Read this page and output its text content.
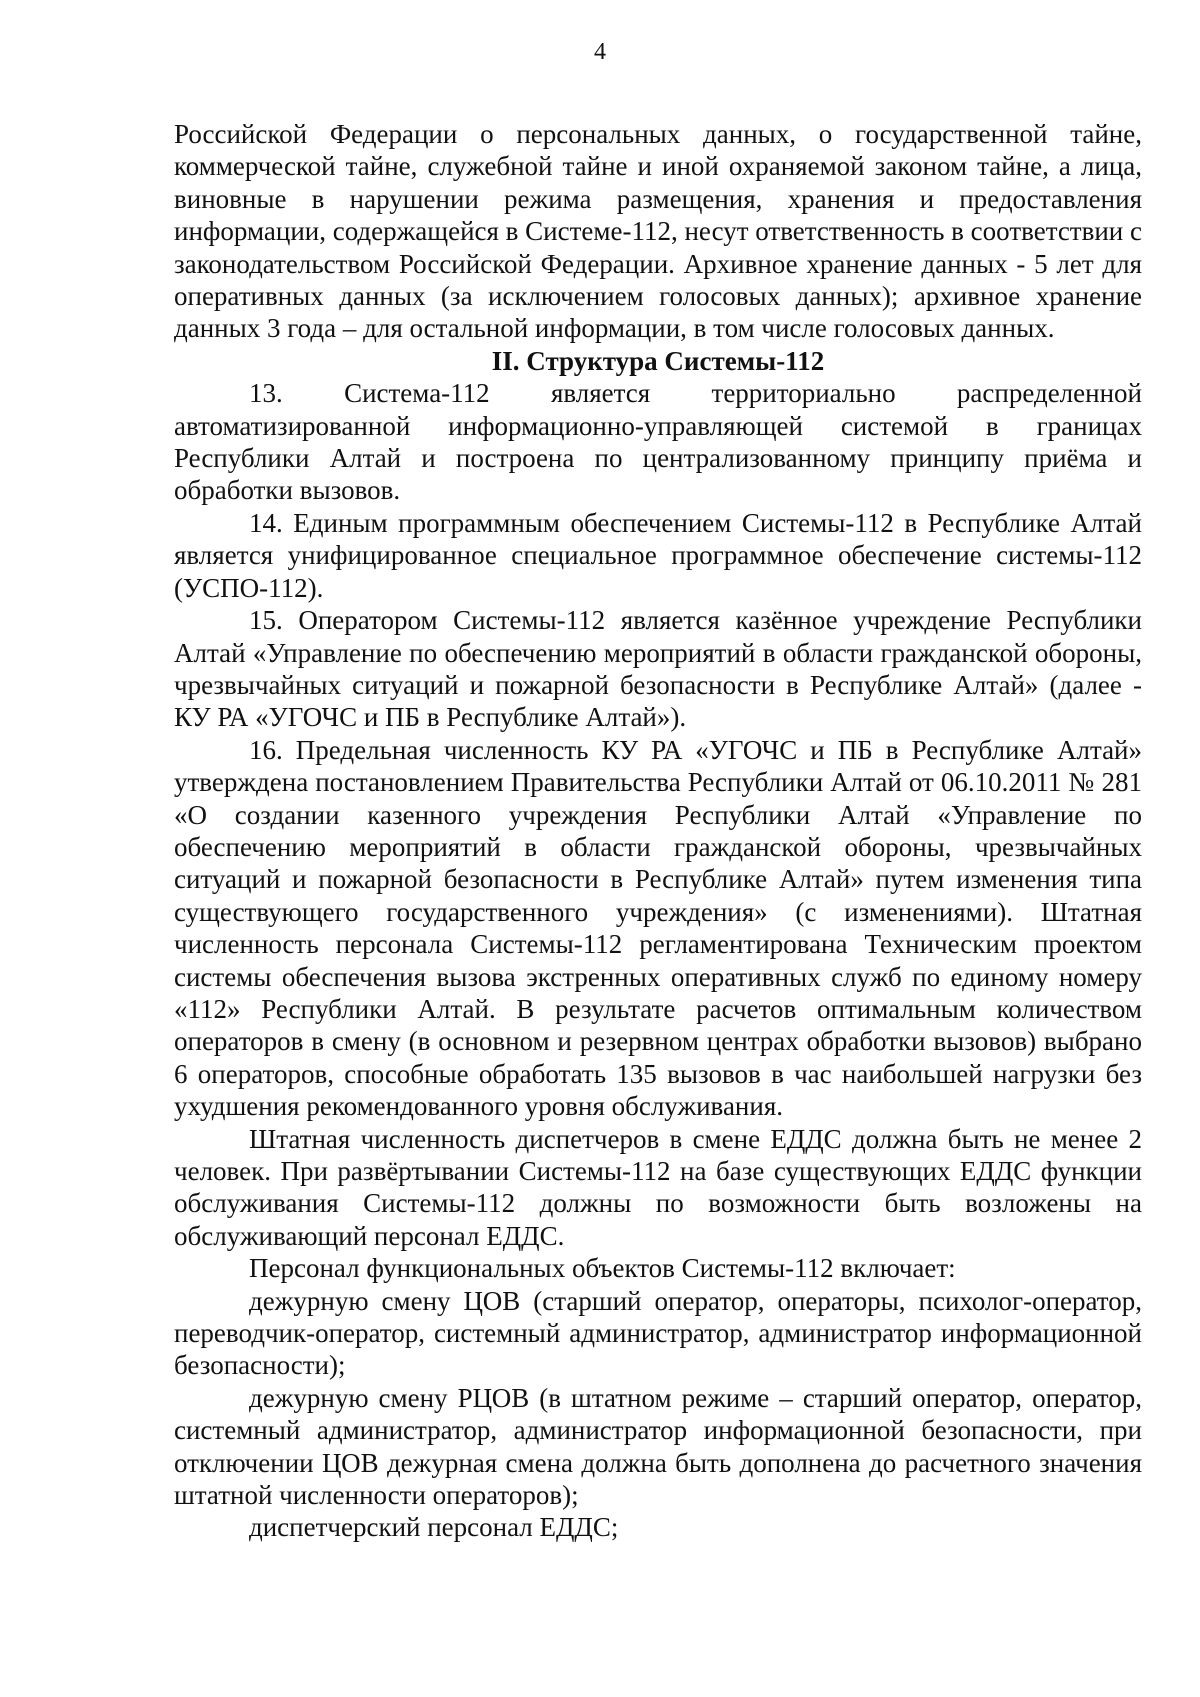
4

Российской Федерации о персональных данных, о государственной тайне, коммерческой тайне, служебной тайне и иной охраняемой законом тайне, а лица, виновные в нарушении режима размещения, хранения и предоставления информации, содержащейся в Системе-112, несут ответственность в соответствии с законодательством Российской Федерации. Архивное хранение данных - 5 лет для оперативных данных (за исключением голосовых данных); архивное хранение данных 3 года – для остальной информации, в том числе голосовых данных.

II. Структура Системы-112

13. Система-112 является территориально распределенной автоматизированной информационно-управляющей системой в границах Республики Алтай и построена по централизованному принципу приёма и обработки вызовов.

14. Единым программным обеспечением Системы-112 в Республике Алтай является унифицированное специальное программное обеспечение системы-112 (УСПО-112).

15. Оператором Системы-112 является казённое учреждение Республики Алтай «Управление по обеспечению мероприятий в области гражданской обороны, чрезвычайных ситуаций и пожарной безопасности в Республике Алтай» (далее - КУ РА «УГОЧС и ПБ в Республике Алтай»).

16. Предельная численность КУ РА «УГОЧС и ПБ в Республике Алтай» утверждена постановлением Правительства Республики Алтай от 06.10.2011 № 281 «О создании казенного учреждения Республики Алтай «Управление по обеспечению мероприятий в области гражданской обороны, чрезвычайных ситуаций и пожарной безопасности в Республике Алтай» путем изменения типа существующего государственного учреждения» (с изменениями). Штатная численность персонала Системы-112 регламентирована Техническим проектом системы обеспечения вызова экстренных оперативных служб по единому номеру «112» Республики Алтай. В результате расчетов оптимальным количеством операторов в смену (в основном и резервном центрах обработки вызовов) выбрано 6 операторов, способные обработать 135 вызовов в час наибольшей нагрузки без ухудшения рекомендованного уровня обслуживания.

Штатная численность диспетчеров в смене ЕДДС должна быть не менее 2 человек. При развёртывании Системы-112 на базе существующих ЕДДС функции обслуживания Системы-112 должны по возможности быть возложены на обслуживающий персонал ЕДДС.

Персонал функциональных объектов Системы-112 включает:

дежурную смену ЦОВ (старший оператор, операторы, психолог-оператор, переводчик-оператор, системный администратор, администратор информационной безопасности);

дежурную смену РЦОВ (в штатном режиме – старший оператор, оператор, системный администратор, администратор информационной безопасности, при отключении ЦОВ дежурная смена должна быть дополнена до расчетного значения штатной численности операторов);

диспетчерский персонал ЕДДС;
